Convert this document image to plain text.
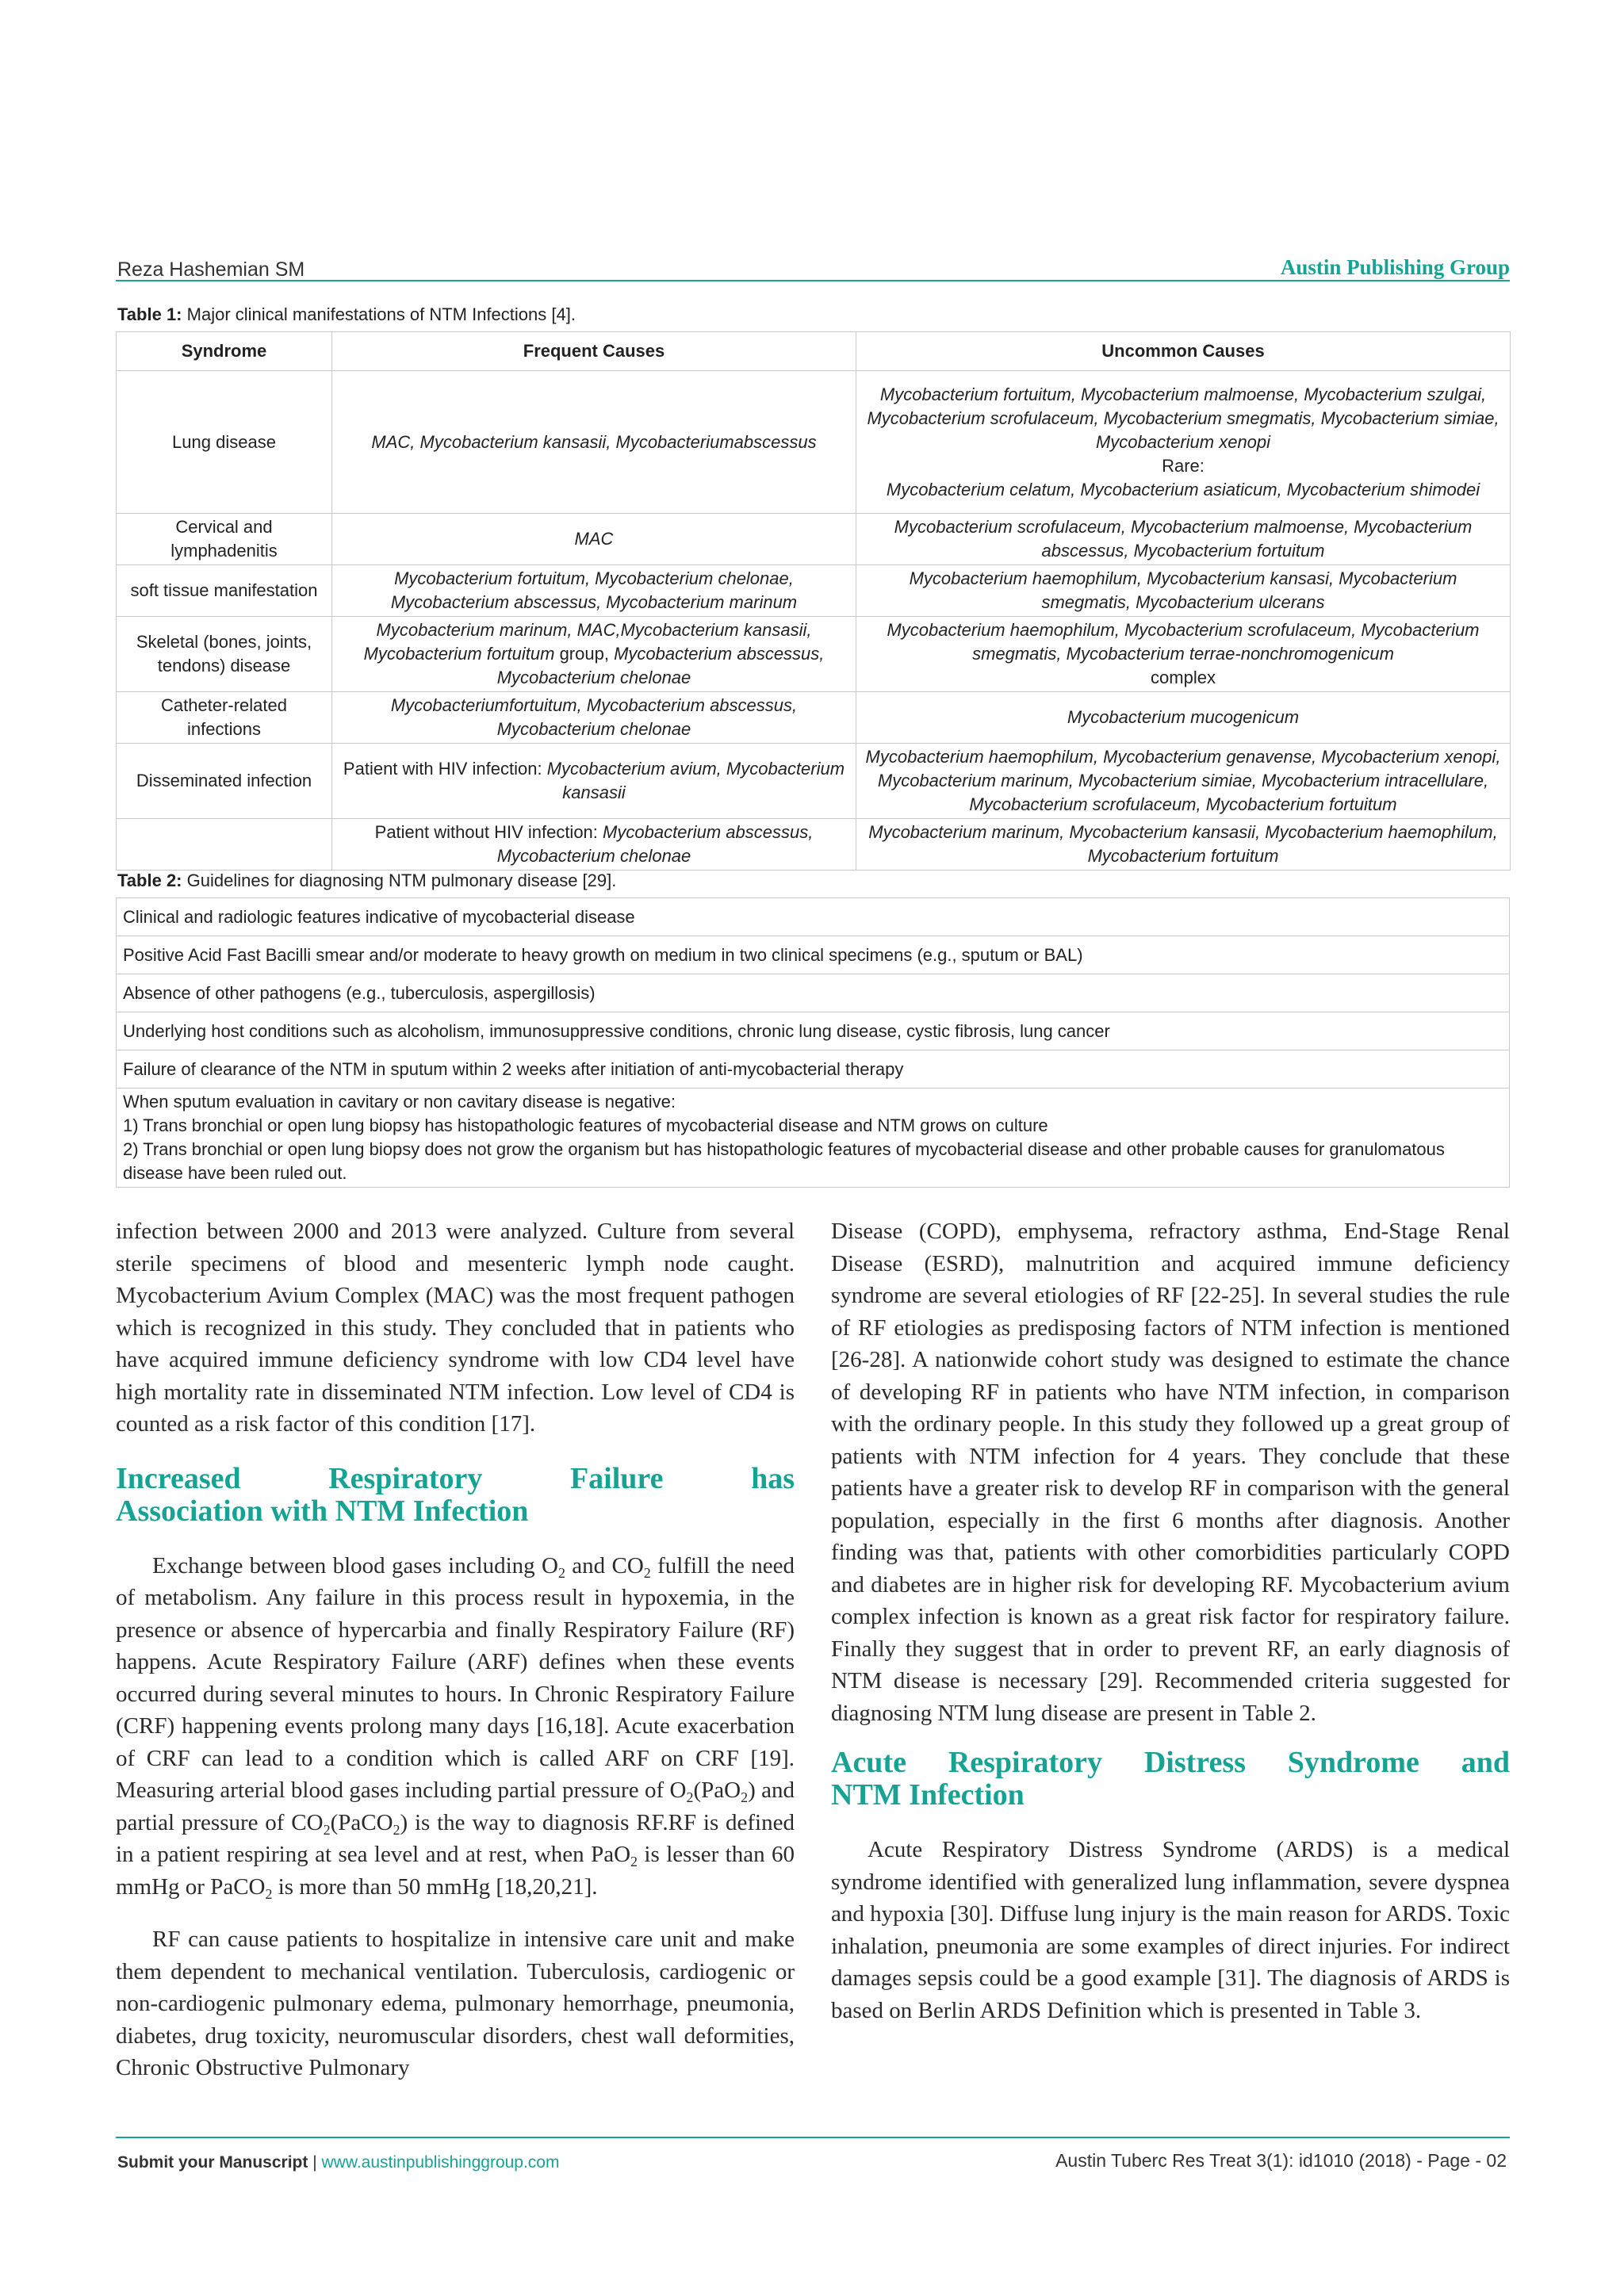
Reza Hashemian SM	Austin Publishing Group
Table 1: Major clinical manifestations of NTM Infections [4].
Syndrome	Frequent Causes	Uncommon Causes
Lung disease	MAC, Mycobacterium kansasii, Mycobacteriumabscessus	Mycobacterium fortuitum, Mycobacterium malmoense, Mycobacterium szulgai, Mycobacterium scrofulaceum, Mycobacterium smegmatis, Mycobacterium simiae, Mycobacterium xenopi
Rare:
Mycobacterium celatum, Mycobacterium asiaticum, Mycobacterium shimodei
Cervical and lymphadenitis	MAC	Mycobacterium scrofulaceum, Mycobacterium malmoense, Mycobacterium abscessus, Mycobacterium fortuitum
soft tissue manifestation	Mycobacterium fortuitum, Mycobacterium chelonae, Mycobacterium abscessus, Mycobacterium marinum	Mycobacterium haemophilum, Mycobacterium kansasi, Mycobacterium smegmatis, Mycobacterium ulcerans
Skeletal (bones, joints, tendons) disease	Mycobacterium marinum, MAC,Mycobacterium kansasii, Mycobacterium fortuitum group, Mycobacterium abscessus, Mycobacterium chelonae	Mycobacterium haemophilum, Mycobacterium scrofulaceum, Mycobacterium smegmatis, Mycobacterium terrae-nonchromogenicum
complex
Catheter-related infections	Mycobacteriumfortuitum, Mycobacterium abscessus, Mycobacterium chelonae	Mycobacterium mucogenicum
Disseminated infection	Patient with HIV infection: Mycobacterium avium, Mycobacterium kansasii	Mycobacterium haemophilum, Mycobacterium genavense, Mycobacterium xenopi, Mycobacterium marinum, Mycobacterium simiae, Mycobacterium intracellulare, Mycobacterium scrofulaceum, Mycobacterium fortuitum
	Patient without HIV infection: Mycobacterium abscessus, Mycobacterium chelonae	Mycobacterium marinum, Mycobacterium kansasii, Mycobacterium haemophilum, Mycobacterium fortuitum
Table 2: Guidelines for diagnosing NTM pulmonary disease [29].
Clinical and radiologic features indicative of mycobacterial disease
Positive Acid Fast Bacilli smear and/or moderate to heavy growth on medium in two clinical specimens (e.g., sputum or BAL)
Absence of other pathogens (e.g., tuberculosis, aspergillosis)
Underlying host conditions such as alcoholism, immunosuppressive conditions, chronic lung disease, cystic fibrosis, lung cancer
Failure of clearance of the NTM in sputum within 2 weeks after initiation of anti-mycobacterial therapy
When sputum evaluation in cavitary or non cavitary disease is negative:
1) Trans bronchial or open lung biopsy has histopathologic features of mycobacterial disease and NTM grows on culture
2) Trans bronchial or open lung biopsy does not grow the organism but has histopathologic features of mycobacterial disease and other probable causes for granulomatous disease have been ruled out.

infection between 2000 and 2013 were analyzed. Culture from several sterile specimens of blood and mesenteric lymph node caught. Mycobacterium Avium Complex (MAC) was the most frequent pathogen which is recognized in this study. They concluded that in patients who have acquired immune deficiency syndrome with low CD4 level have high mortality rate in disseminated NTM infection. Low level of CD4 is counted as a risk factor of this condition [17].

Increased Respiratory Failure has
Association with NTM Infection

Exchange between blood gases including $O_2$ and $CO_2$ fulfill the need of metabolism. Any failure in this process result in hypoxemia, in the presence or absence of hypercarbia and finally Respiratory Failure (RF) happens. Acute Respiratory Failure (ARF) defines when these events occurred during several minutes to hours. In Chronic Respiratory Failure (CRF) happening events prolong many days [16,18]. Acute exacerbation of CRF can lead to a condition which is called ARF on CRF [19]. Measuring arterial blood gases including partial pressure of $O_2(PaO_2)$ and partial pressure of $CO_2(PaCO_2)$ is the way to diagnosis RF.RF is defined in a patient respiring at sea level and at rest, when PaO$_2$ is lesser than 60 mmHg or PaCO$_2$ is more than 50 mmHg [18,20,21].

RF can cause patients to hospitalize in intensive care unit and make them dependent to mechanical ventilation. Tuberculosis, cardiogenic or non-cardiogenic pulmonary edema, pulmonary hemorrhage, pneumonia, diabetes, drug toxicity, neuromuscular disorders, chest wall deformities, Chronic Obstructive Pulmonary

Disease (COPD), emphysema, refractory asthma, End-Stage Renal Disease (ESRD), malnutrition and acquired immune deficiency syndrome are several etiologies of RF [22-25]. In several studies the rule of RF etiologies as predisposing factors of NTM infection is mentioned [26-28]. A nationwide cohort study was designed to estimate the chance of developing RF in patients who have NTM infection, in comparison with the ordinary people. In this study they followed up a great group of patients with NTM infection for 4 years. They conclude that these patients have a greater risk to develop RF in comparison with the general population, especially in the first 6 months after diagnosis. Another finding was that, patients with other comorbidities particularly COPD and diabetes are in higher risk for developing RF. Mycobacterium avium complex infection is known as a great risk factor for respiratory failure. Finally they suggest that in order to prevent RF, an early diagnosis of NTM disease is necessary [29]. Recommended criteria suggested for diagnosing NTM lung disease are present in Table 2.

Acute Respiratory Distress Syndrome and
NTM Infection

Acute Respiratory Distress Syndrome (ARDS) is a medical syndrome identified with generalized lung inflammation, severe dyspnea and hypoxia [30]. Diffuse lung injury is the main reason for ARDS. Toxic inhalation, pneumonia are some examples of direct injuries. For indirect damages sepsis could be a good example [31]. The diagnosis of ARDS is based on Berlin ARDS Definition which is presented in Table 3.

Submit your Manuscript | www.austinpublishinggroup.com	Austin Tuberc Res Treat 3(1): id1010 (2018) - Page - 02
